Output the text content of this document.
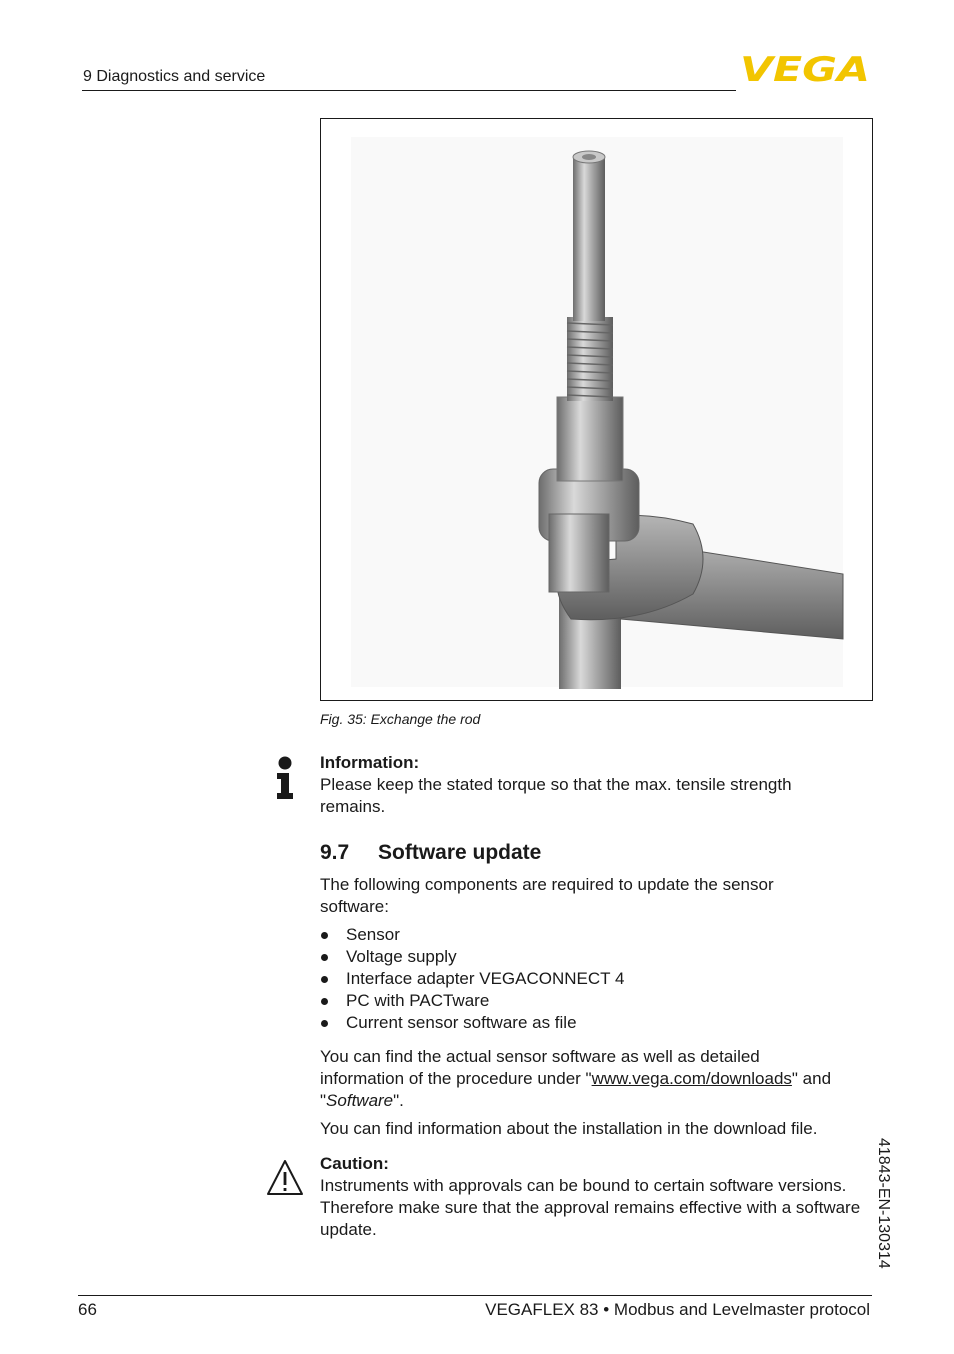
9 Diagnostics and service	VEGA
Fig. 35: Exchange the rod
Information:
Please keep the stated torque so that the max. tensile strength remains.
9.7 Software update
The following components are required to update the sensor software:
Sensor
Voltage supply
Interface adapter VEGACONNECT 4
PC with PACTware
Current sensor software as file
You can find the actual sensor software as well as detailed information of the procedure under "www.vega.com/downloads" and "Software".
You can find information about the installation in the download file.
Caution:
Instruments with approvals can be bound to certain software versions. Therefore make sure that the approval remains effective with a software update.	41843-EN-130314
66	VEGAFLEX 83 • Modbus and Levelmaster protocol
